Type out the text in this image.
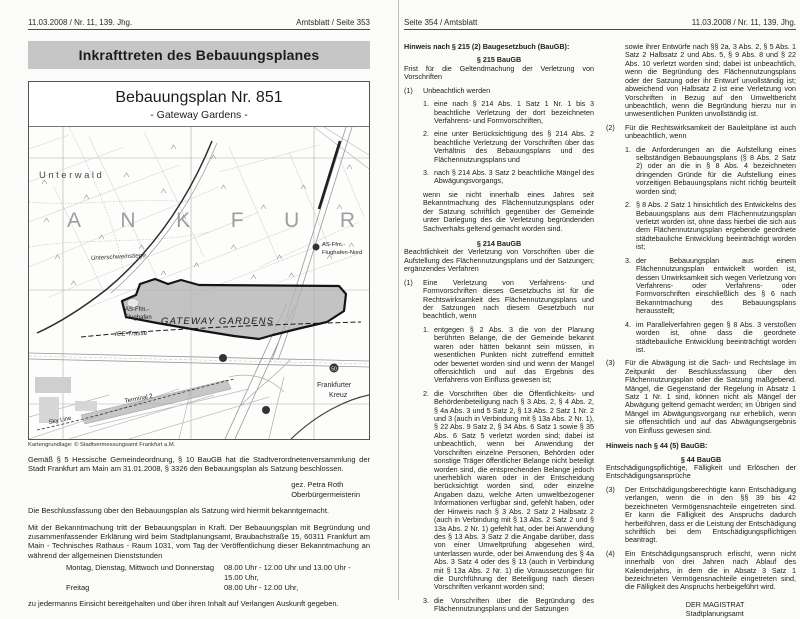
11.03.2008 / Nr. 11, 139. Jhg.	Amtsblatt / Seite 353
Inkrafttreten des Bebauungsplanes
Bebauungsplan Nr. 851
- Gateway Gardens -
50
Unterwald
A N K F U R
Unterschweinstiege
AS-Ffm.-
Flughafen-Nord
AS-Ffm.-
Flughafen GATEWAY GARDENS
ICE-Trasse
Sky Line
Terminal 2
Frankfurter
Kreuz
Kartengrundlage: © Stadtvermessungsamt Frankfurt a.M.
Gemäß § 5 Hessische Gemeindeordnung, § 10 BauGB hat die Stadtverordnetenversammlung der Stadt Frankfurt am Main am 31.01.2008, § 3326 den Bebauungsplan als Satzung beschlossen.
gez. Petra Roth
Oberbürgermeisterin
Die Beschlussfassung über den Bebauungsplan als Satzung wird hiermit bekanntgemacht.
Mit der Bekanntmachung tritt der Bebauungsplan in Kraft. Der Bebauungsplan mit Begründung und zusammenfassender Erklärung wird beim Stadtplanungsamt, Braubachstraße 15, 60311 Frankfurt am Main - Technisches Rathaus - Raum 1031, vom Tag der Veröffentlichung dieser Bekanntmachung an während der allgemeinen Dienststunden
Montag, Dienstag, Mittwoch und Donnerstag	08.00 Uhr - 12.00 Uhr und 13.00 Uhr - 15.00 Uhr,
Freitag	08.00 Uhr - 12.00 Uhr,
zu jedermanns Einsicht bereitgehalten und über ihren Inhalt auf Verlangen Auskunft gegeben.
Seite 354 / Amtsblatt	11.03.2008 / Nr. 11, 139. Jhg.
Hinweis nach § 215 (2) Baugesetzbuch (BauGB):
§ 215 BauGB
Frist für die Geltendmachung der Verletzung von Vorschriften
(1)	Unbeachtlich werden
1. eine nach § 214 Abs. 1 Satz 1 Nr. 1 bis 3 beachtliche Verletzung der dort bezeichneten Verfahrens- und Formvorschriften,
2. eine unter Berücksichtigung des § 214 Abs. 2 beachtliche Verletzung der Vorschriften über das Verhältnis des Bebauungsplans und des Flächennutzungsplans und
3. nach § 214 Abs. 3 Satz 2 beachtliche Mängel des Abwägungsvorgangs,
wenn sie nicht innerhalb eines Jahres seit Bekanntmachung des Flächennutzungsplans oder der Satzung schriftlich gegenüber der Gemeinde unter Darlegung des die Verletzung begründenden Sachverhalts geltend gemacht worden sind.
§ 214 BauGB
Beachtlichkeit der Verletzung von Vorschriften über die Aufstellung des Flächennutzungsplans und der Satzungen; ergänzendes Verfahren
(1)	Eine Verletzung von Verfahrens- und Formvorschriften dieses Gesetzbuchs ist für die Rechtswirksamkeit des Flächennutzungsplans und der Satzungen nach diesem Gesetzbuch nur beachtlich, wenn
1. entgegen § 2 Abs. 3 die von der Planung berührten Belange, die der Gemeinde bekannt waren oder hätten bekannt sein müssen, in wesentlichen Punkten nicht zutreffend ermittelt oder bewertet worden sind und wenn der Mangel offensichtlich und auf das Ergebnis des Verfahrens von Einfluss gewesen ist;
2. die Vorschriften über die Öffentlichkeits- und Behördenbeteiligung nach § 3 Abs. 2, § 4 Abs. 2, § 4a Abs. 3 und 5 Satz 2, § 13 Abs. 2 Satz 1 Nr. 2 und 3 (auch in Verbindung mit § 13a Abs. 2 Nr. 1), § 22 Abs. 9 Satz 2, § 34 Abs. 6 Satz 1 sowie § 35 Abs. 6 Satz 5 verletzt worden sind; dabei ist unbeachtlich, wenn bei Anwendung der Vorschriften einzelne Personen, Behörden oder sonstige Träger öffentlicher Belange nicht beteiligt worden sind, die entsprechenden Belange jedoch unerheblich waren oder in der Entscheidung berücksichtigt worden sind, oder einzelne Angaben dazu, welche Arten umweltbezogener Informationen verfügbar sind, gefehlt haben, oder der Hinweis nach § 3 Abs. 2 Satz 2 Halbsatz 2 (auch in Verbindung mit § 13 Abs. 2 Satz 2 und § 13a Abs. 2 Nr. 1) gefehlt hat, oder bei Anwendung des § 13 Abs. 3 Satz 2 die Angabe darüber, dass von einer Umweltprüfung abgesehen wird, unterlassen wurde, oder bei Anwendung des § 4a Abs. 3 Satz 4 oder des § 13 (auch in Verbindung mit § 13a Abs. 2 Nr. 1) die Voraussetzungen für die Durchführung der Beteiligung nach diesen Vorschriften verkannt worden sind;
3. die Vorschriften über die Begründung des Flächennutzungsplans und der Satzungen
sowie ihrer Entwürfe nach §§ 2a, 3 Abs. 2, § 5 Abs. 1 Satz 2 Halbsatz 2 und Abs. 5, § 9 Abs. 8 und § 22 Abs. 10 verletzt worden sind; dabei ist unbeachtlich, wenn die Begründung des Flächennutzungsplans oder der Satzung oder ihr Entwurf unvollständig ist; abweichend von Halbsatz 2 ist eine Verletzung von Vorschriften in Bezug auf den Umweltbericht unbeachtlich, wenn die Begründung hierzu nur in unwesentlichen Punkten unvollständig ist.
(2)	Für die Rechtswirksamkeit der Bauleitpläne ist auch unbeachtlich, wenn
1. die Anforderungen an die Aufstellung eines selbständigen Bebauungsplans (§ 8 Abs. 2 Satz 2) oder an die in § 8 Abs. 4 bezeichneten dringenden Gründe für die Aufstellung eines vorzeitigen Bebauungsplans nicht richtig beurteilt worden sind;
2. § 8 Abs. 2 Satz 1 hinsichtlich des Entwickelns des Bebauungsplans aus dem Flächennutzungsplan verletzt worden ist, ohne dass hierbei die sich aus dem Flächennutzungsplan ergebende geordnete städtebauliche Entwicklung beeinträchtigt worden ist;
3. der Bebauungsplan aus einem Flächennutzungsplan entwickelt worden ist, dessen Unwirksamkeit sich wegen Verletzung von Verfahrens- oder Verfahrens- oder Formvorschriften einschließlich des § 6 nach Bekanntmachung des Bebauungsplans herausstellt;
4. im Parallelverfahren gegen § 8 Abs. 3 verstoßen worden ist, ohne dass die geordnete städtebauliche Entwicklung beeinträchtigt worden ist.
(3)	Für die Abwägung ist die Sach- und Rechtslage im Zeitpunkt der Beschlussfassung über den Flächennutzungsplan oder die Satzung maßgebend. Mängel, die Gegenstand der Regelung in Absatz 1 Satz 1 Nr. 1 sind, können nicht als Mängel der Abwägung geltend gemacht werden; im Übrigen sind Mängel im Abwägungsvorgang nur erheblich, wenn sie offensichtlich und auf das Abwägungsergebnis von Einfluss gewesen sind.
Hinweis nach § 44 (5) BauGB:
§ 44 BauGB
Entschädigungspflichtige, Fälligkeit und Erlöschen der Entschädigungsansprüche
(3)	Der Entschädigungsberechtigte kann Entschädigung verlangen, wenn die in den §§ 39 bis 42 bezeichneten Vermögensnachteile eingetreten sind. Er kann die Fälligkeit des Anspruchs dadurch herbeiführen, dass er die Leistung der Entschädigung schriftlich bei dem Entschädigungspflichtigen beantragt.
(4)	Ein Entschädigungsanspruch erlischt, wenn nicht innerhalb von drei Jahren nach Ablauf des Kalenderjahrs, in dem die in Absatz 3 Satz 1 bezeichneten Vermögensnachteile eingetreten sind, die Fälligkeit des Anspruchs herbeigeführt wird.
DER MAGISTRAT
Stadtplanungsamt
